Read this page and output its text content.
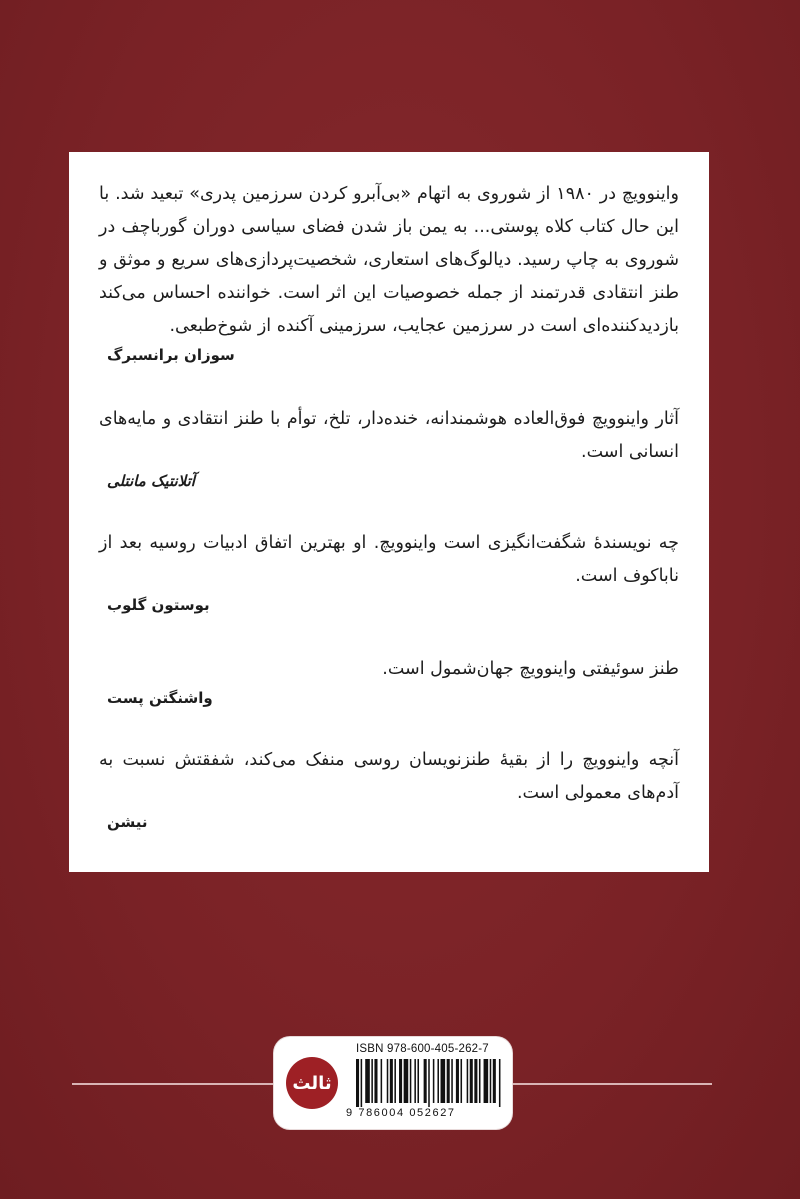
واینوویچ در ۱۹۸۰ از شوروی به اتهام «بی‌آبرو کردن سرزمین پدری» تبعید شد. با این حال کتاب کلاه پوستی... به یمن باز شدن فضای سیاسی دوران گورباچف در شوروی به چاپ رسید. دیالوگ‌های استعاری، شخصیت‌پردازی‌های سریع و موثق و طنز انتقادی قدرتمند از جمله خصوصیات این اثر است. خواننده احساس می‌کند بازدیدکننده‌ای است در سرزمین عجایب، سرزمینی آکنده از شوخ‌طبعی.

سوزان برانسبرگ

آثار واینوویچ فوق‌العاده هوشمندانه، خنده‌دار، تلخ، توأم با طنز انتقادی و مایه‌های انسانی است.

آتلانتیک مانتلی

چه نویسندهٔ شگفت‌انگیزی است واینوویچ. او بهترین اتفاق ادبیات روسیه بعد از ناباکوف است.

بوستون گلوب

طنز سوئیفتی واینوویچ جهان‌شمول است.

واشنگتن پست

آنچه واینوویچ را از بقیهٔ طنزنویسان روسی منفک می‌کند، شفقتش نسبت به آدم‌های معمولی است.

نیشن
ثالث
ISBN 978-600-405-262-7
9 786004 052627
